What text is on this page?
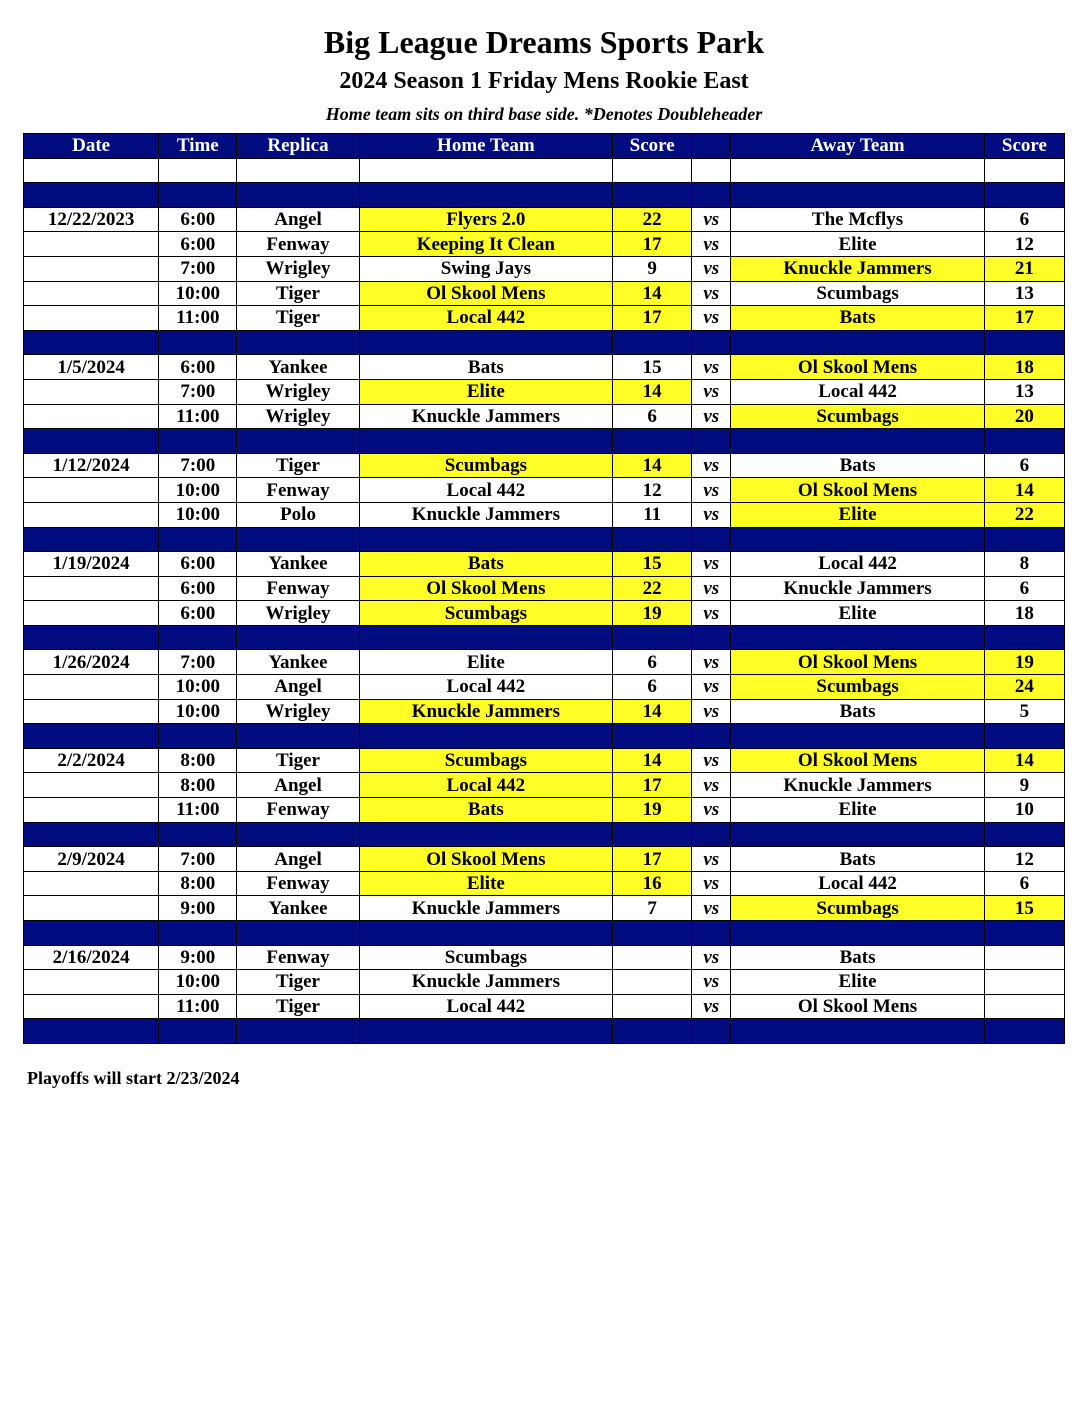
Big League Dreams Sports Park
2024 Season 1 Friday Mens Rookie East
Home team sits on third base side. *Denotes Doubleheader
Date	Time	Replica	Home Team	Score		Away Team	Score

12/22/2023	6:00	Angel	Flyers 2.0	22	vs	The Mcflys	6
	6:00	Fenway	Keeping It Clean	17	vs	Elite	12
	7:00	Wrigley	Swing Jays	9	vs	Knuckle Jammers	21
	10:00	Tiger	Ol Skool Mens	14	vs	Scumbags	13
	11:00	Tiger	Local 442	17	vs	Bats	17

1/5/2024	6:00	Yankee	Bats	15	vs	Ol Skool Mens	18
	7:00	Wrigley	Elite	14	vs	Local 442	13
	11:00	Wrigley	Knuckle Jammers	6	vs	Scumbags	20

1/12/2024	7:00	Tiger	Scumbags	14	vs	Bats	6
	10:00	Fenway	Local 442	12	vs	Ol Skool Mens	14
	10:00	Polo	Knuckle Jammers	11	vs	Elite	22

1/19/2024	6:00	Yankee	Bats	15	vs	Local 442	8
	6:00	Fenway	Ol Skool Mens	22	vs	Knuckle Jammers	6
	6:00	Wrigley	Scumbags	19	vs	Elite	18

1/26/2024	7:00	Yankee	Elite	6	vs	Ol Skool Mens	19
	10:00	Angel	Local 442	6	vs	Scumbags	24
	10:00	Wrigley	Knuckle Jammers	14	vs	Bats	5

2/2/2024	8:00	Tiger	Scumbags	14	vs	Ol Skool Mens	14
	8:00	Angel	Local 442	17	vs	Knuckle Jammers	9
	11:00	Fenway	Bats	19	vs	Elite	10

2/9/2024	7:00	Angel	Ol Skool Mens	17	vs	Bats	12
	8:00	Fenway	Elite	16	vs	Local 442	6
	9:00	Yankee	Knuckle Jammers	7	vs	Scumbags	15

2/16/2024	9:00	Fenway	Scumbags		vs	Bats	
	10:00	Tiger	Knuckle Jammers		vs	Elite	
	11:00	Tiger	Local 442		vs	Ol Skool Mens	

Playoffs will start 2/23/2024
